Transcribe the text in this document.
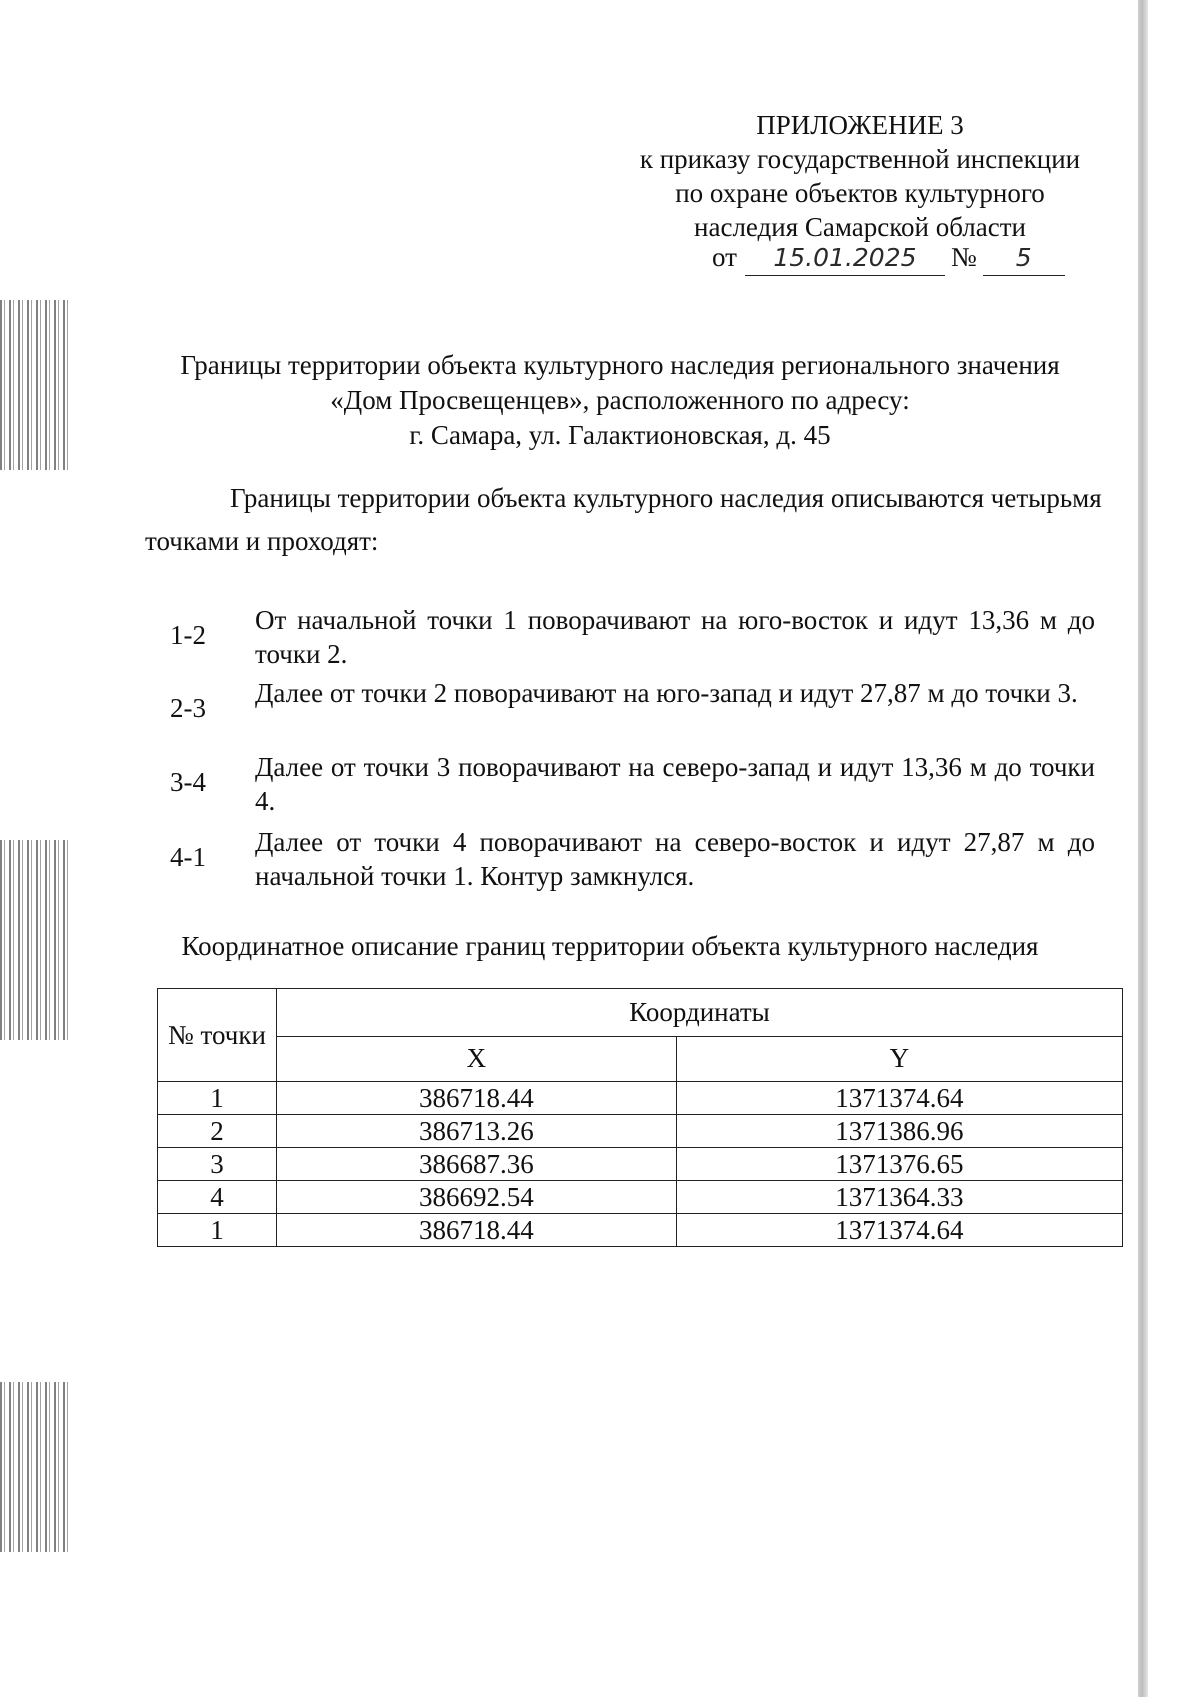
ПРИЛОЖЕНИЕ 3
к приказу государственной инспекции
по охране объектов культурного
наследия Самарской области
от 15.01.2025 № 5
Границы территории объекта культурного наследия регионального значения
«Дом Просвещенцев», расположенного по адресу:
г. Самара, ул. Галактионовская, д. 45
Границы территории объекта культурного наследия описываются четырьмя
точками и проходят:
1-2	От начальной точки 1 поворачивают на юго-восток и идут 13,36 м до точки 2.
2-3	Далее от точки 2 поворачивают на юго-запад и идут 27,87 м до точки 3.
3-4	Далее от точки 3 поворачивают на северо-запад и идут 13,36 м до точки 4.
4-1	Далее от точки 4 поворачивают на северо-восток и идут 27,87 м до начальной точки 1. Контур замкнулся.
Координатное описание границ территории объекта культурного наследия
№ точки	Координаты	
	X	Y
1	386718.44	1371374.64
2	386713.26	1371386.96
3	386687.36	1371376.65
4	386692.54	1371364.33
1	386718.44	1371374.64
